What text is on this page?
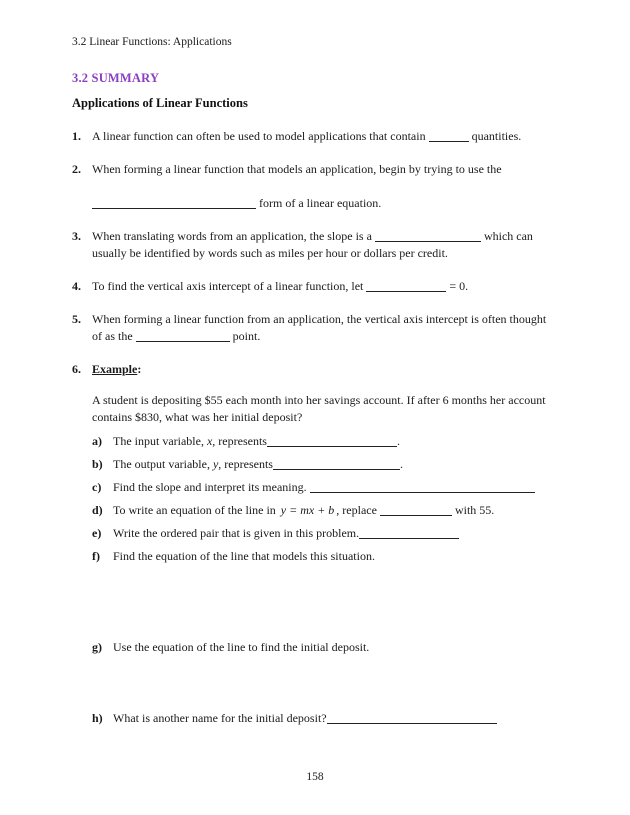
3.2 Linear Functions: Applications
3.2 SUMMARY
Applications of Linear Functions
1. A linear function can often be used to model applications that contain	quantities.
2. When forming a linear function that models an application, begin by trying to use the
form of a linear equation.
3. When translating words from an application, the slope is a	which can
usually be identified by words such as miles per hour or dollars per credit.
4. To find the vertical axis intercept of a linear function, let	= 0.
5. When forming a linear function from an application, the vertical axis intercept is often thought
of as the	point.
6. Example:
A student is depositing $55 each month into her savings account. If after 6 months her account
contains $830, what was her initial deposit?
a) The input variable, x, represents	.
b) The output variable, y, represents	.
c) Find the slope and interpret its meaning.
d) To write an equation of the line in y = mx + b , replace	with 55.
e) Write the ordered pair that is given in this problem.
f)	Find the equation of the line that models this situation.
g) Use the equation of the line to find the initial deposit.
h) What is another name for the initial deposit?
158
